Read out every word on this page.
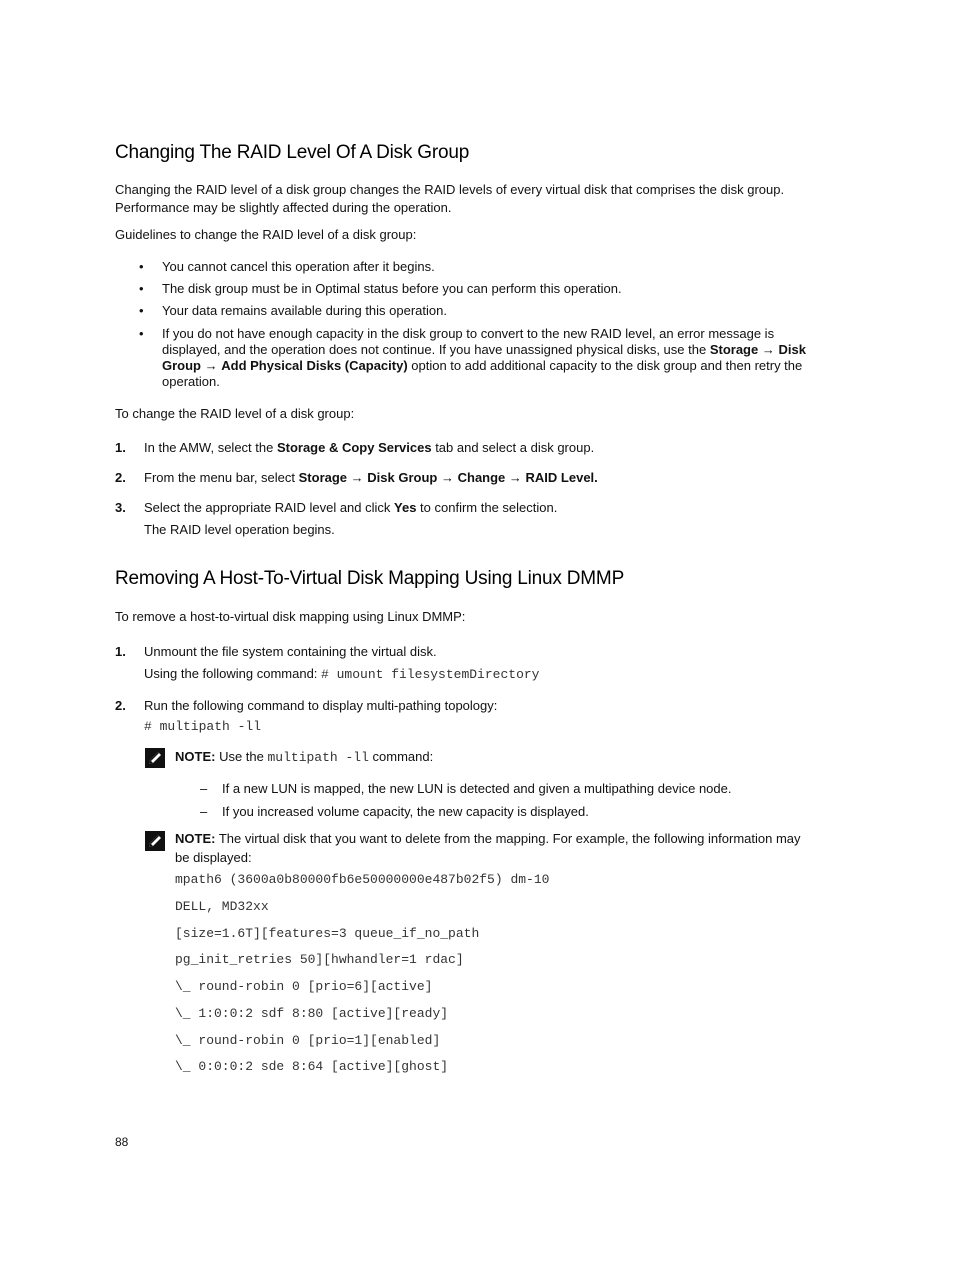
Changing The RAID Level Of A Disk Group

Changing the RAID level of a disk group changes the RAID levels of every virtual disk that comprises the disk group.

Performance may be slightly affected during the operation.

Guidelines to change the RAID level of a disk group:

• You cannot cancel this operation after it begins.
• The disk group must be in Optimal status before you can perform this operation.
• Your data remains available during this operation.
• If you do not have enough capacity in the disk group to convert to the new RAID level, an error message is
displayed, and the operation does not continue. If you have unassigned physical disks, use the Storage → Disk
Group → Add Physical Disks (Capacity) option to add additional capacity to the disk group and then retry the
operation.

To change the RAID level of a disk group:

1. In the AMW, select the Storage & Copy Services tab and select a disk group.
2. From the menu bar, select Storage → Disk Group → Change → RAID Level.
3. Select the appropriate RAID level and click Yes to confirm the selection.
The RAID level operation begins.
Removing A Host-To-Virtual Disk Mapping Using Linux DMMP

To remove a host-to-virtual disk mapping using Linux DMMP:

1. Unmount the file system containing the virtual disk.
Using the following command: # umount filesystemDirectory
2. Run the following command to display multi-pathing topology:
# multipath -ll
NOTE: Use the multipath -ll command:
– If a new LUN is mapped, the new LUN is detected and given a multipathing device node.
– If you increased volume capacity, the new capacity is displayed.
NOTE: The virtual disk that you want to delete from the mapping. For example, the following information may
be displayed:
mpath6 (3600a0b80000fb6e50000000e487b02f5) dm-10
DELL, MD32xx
[size=1.6T][features=3 queue_if_no_path
pg_init_retries 50][hwhandler=1 rdac]
\_ round-robin 0 [prio=6][active]
\_ 1:0:0:2 sdf 8:80 [active][ready]
\_ round-robin 0 [prio=1][enabled]
\_ 0:0:0:2 sde 8:64 [active][ghost]
88
